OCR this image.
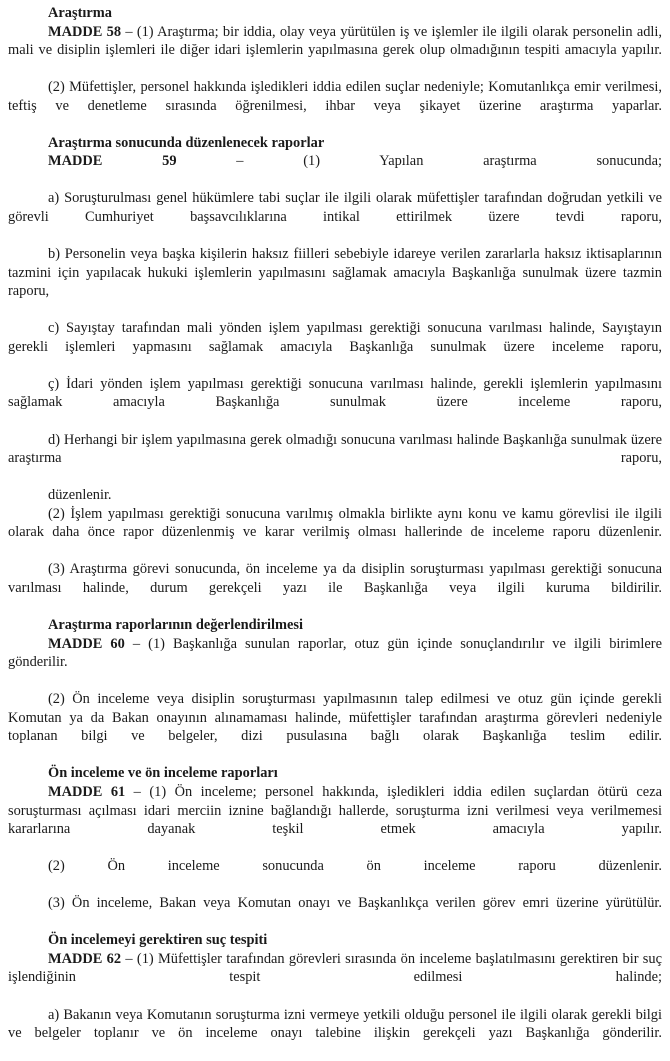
Araştırma

MADDE 58 – (1) Araştırma; bir iddia, olay veya yürütülen iş ve işlemler ile ilgili olarak personelin adli, mali ve disiplin işlemleri ile diğer idari işlemlerin yapılmasına gerek olup olmadığının tespiti amacıyla yapılır.

(2) Müfettişler, personel hakkında işledikleri iddia edilen suçlar nedeniyle; Komutanlıkça emir verilmesi, teftiş ve denetleme sırasında öğrenilmesi, ihbar veya şikayet üzerine araştırma yaparlar.

Araştırma sonucunda düzenlenecek raporlar

MADDE 59 – (1) Yapılan araştırma sonucunda;

a) Soruşturulması genel hükümlere tabi suçlar ile ilgili olarak müfettişler tarafından doğrudan yetkili ve görevli Cumhuriyet başsavcılıklarına intikal ettirilmek üzere tevdi raporu,

b) Personelin veya başka kişilerin haksız fiilleri sebebiyle idareye verilen zararlarla haksız iktisaplarının tazmini için yapılacak hukuki işlemlerin yapılmasını sağlamak amacıyla Başkanlığa sunulmak üzere tazmin raporu,

c) Sayıştay tarafından mali yönden işlem yapılması gerektiği sonucuna varılması halinde, Sayıştayın gerekli işlemleri yapmasını sağlamak amacıyla Başkanlığa sunulmak üzere inceleme raporu,

ç) İdari yönden işlem yapılması gerektiği sonucuna varılması halinde, gerekli işlemlerin yapılmasını sağlamak amacıyla Başkanlığa sunulmak üzere inceleme raporu,

d) Herhangi bir işlem yapılmasına gerek olmadığı sonucuna varılması halinde Başkanlığa sunulmak üzere araştırma raporu,

düzenlenir.

(2) İşlem yapılması gerektiği sonucuna varılmış olmakla birlikte aynı konu ve kamu görevlisi ile ilgili olarak daha önce rapor düzenlenmiş ve karar verilmiş olması hallerinde de inceleme raporu düzenlenir.

(3) Araştırma görevi sonucunda, ön inceleme ya da disiplin soruşturması yapılması gerektiği sonucuna varılması halinde, durum gerekçeli yazı ile Başkanlığa veya ilgili kuruma bildirilir.

Araştırma raporlarının değerlendirilmesi

MADDE 60 – (1) Başkanlığa sunulan raporlar, otuz gün içinde sonuçlandırılır ve ilgili birimlere gönderilir.

(2) Ön inceleme veya disiplin soruşturması yapılmasının talep edilmesi ve otuz gün içinde gerekli Komutan ya da Bakan onayının alınamaması halinde, müfettişler tarafından araştırma görevleri nedeniyle toplanan bilgi ve belgeler, dizi pusulasına bağlı olarak Başkanlığa teslim edilir.

Ön inceleme ve ön inceleme raporları

MADDE 61 – (1) Ön inceleme; personel hakkında, işledikleri iddia edilen suçlardan ötürü ceza soruşturması açılması idari merciin iznine bağlandığı hallerde, soruşturma izni verilmesi veya verilmemesi kararlarına dayanak teşkil etmek amacıyla yapılır.

(2) Ön inceleme sonucunda ön inceleme raporu düzenlenir.

(3) Ön inceleme, Bakan veya Komutan onayı ve Başkanlıkça verilen görev emri üzerine yürütülür.

Ön incelemeyi gerektiren suç tespiti

MADDE 62 – (1) Müfettişler tarafından görevleri sırasında ön inceleme başlatılmasını gerektiren bir suç işlendiğinin tespit edilmesi halinde;

a) Bakanın veya Komutanın soruşturma izni vermeye yetkili olduğu personel ile ilgili olarak gerekli bilgi ve belgeler toplanır ve ön inceleme onayı talebine ilişkin gerekçeli yazı Başkanlığa gönderilir.
